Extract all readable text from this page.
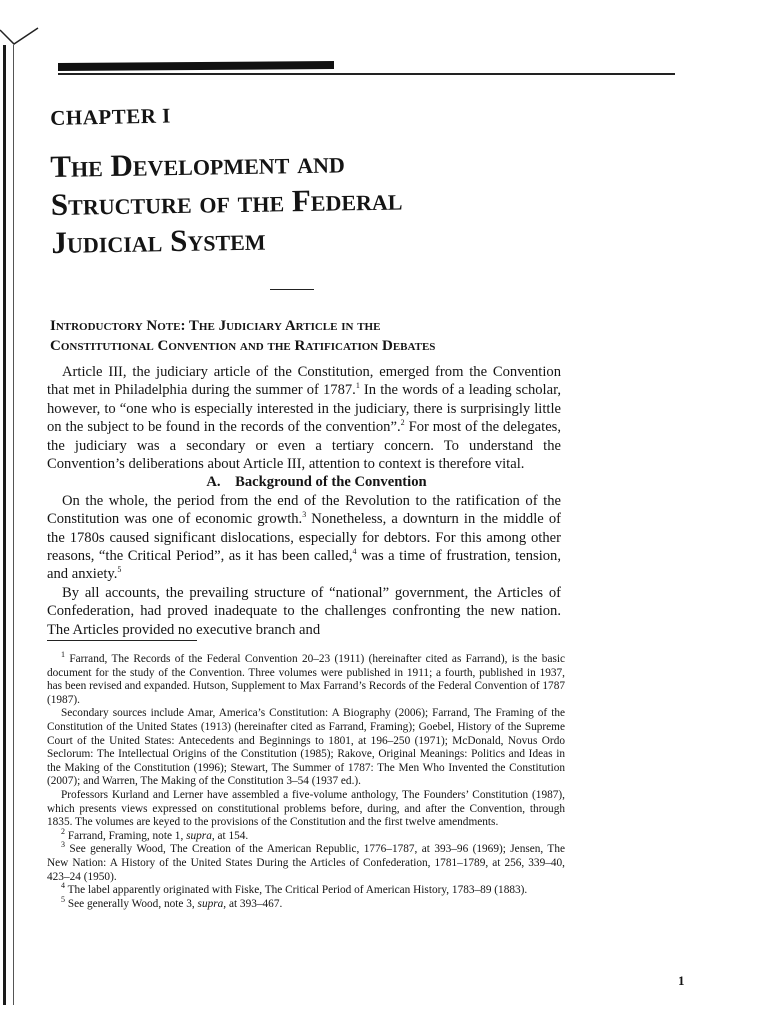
CHAPTER I
The Development and
Structure of the Federal
Judicial System
Introductory Note: The Judiciary Article in the
Constitutional Convention and the Ratification Debates

Article III, the judiciary article of the Constitution, emerged from the Convention that met in Philadelphia during the summer of 1787.$^1$ In the words of a leading scholar, however, to “one who is especially interested in the judiciary, there is surprisingly little on the subject to be found in the records of the convention”.$^2$ For most of the delegates, the judiciary was a secondary or even a tertiary concern. To understand the Convention’s deliberations about Article III, attention to context is therefore vital.

A. Background of the Convention

On the whole, the period from the end of the Revolution to the ratification of the Constitution was one of economic growth.$^3$ Nonetheless, a downturn in the middle of the 1780s caused significant dislocations, especially for debtors. For this among other reasons, “the Critical Period”, as it has been called,$^4$ was a time of frustration, tension, and anxiety.$^5$

By all accounts, the prevailing structure of “national” government, the Articles of Confederation, had proved inadequate to the challenges confronting the new nation. The Articles provided no executive branch and

$^1$ Farrand, The Records of the Federal Convention 20–23 (1911) (hereinafter cited as Farrand), is the basic document for the study of the Convention. Three volumes were published in 1911; a fourth, published in 1937, has been revised and expanded. Hutson, Supplement to Max Farrand’s Records of the Federal Convention of 1787 (1987).

Secondary sources include Amar, America’s Constitution: A Biography (2006); Farrand, The Framing of the Constitution of the United States (1913) (hereinafter cited as Farrand, Framing); Goebel, History of the Supreme Court of the United States: Antecedents and Beginnings to 1801, at 196–250 (1971); McDonald, Novus Ordo Seclorum: The Intellectual Origins of the Constitution (1985); Rakove, Original Meanings: Politics and Ideas in the Making of the Constitution (1996); Stewart, The Summer of 1787: The Men Who Invented the Constitution (2007); and Warren, The Making of the Constitution 3–54 (1937 ed.).

Professors Kurland and Lerner have assembled a five-volume anthology, The Founders’ Constitution (1987), which presents views expressed on constitutional problems before, during, and after the Convention, through 1835. The volumes are keyed to the provisions of the Constitution and the first twelve amendments.

$^2$ Farrand, Framing, note 1, supra, at 154.

$^3$ See generally Wood, The Creation of the American Republic, 1776–1787, at 393–96 (1969); Jensen, The New Nation: A History of the United States During the Articles of Confederation, 1781–1789, at 256, 339–40, 423–24 (1950).

$^4$ The label apparently originated with Fiske, The Critical Period of American History, 1783–89 (1883).

$^5$ See generally Wood, note 3, supra, at 393–467.

1
